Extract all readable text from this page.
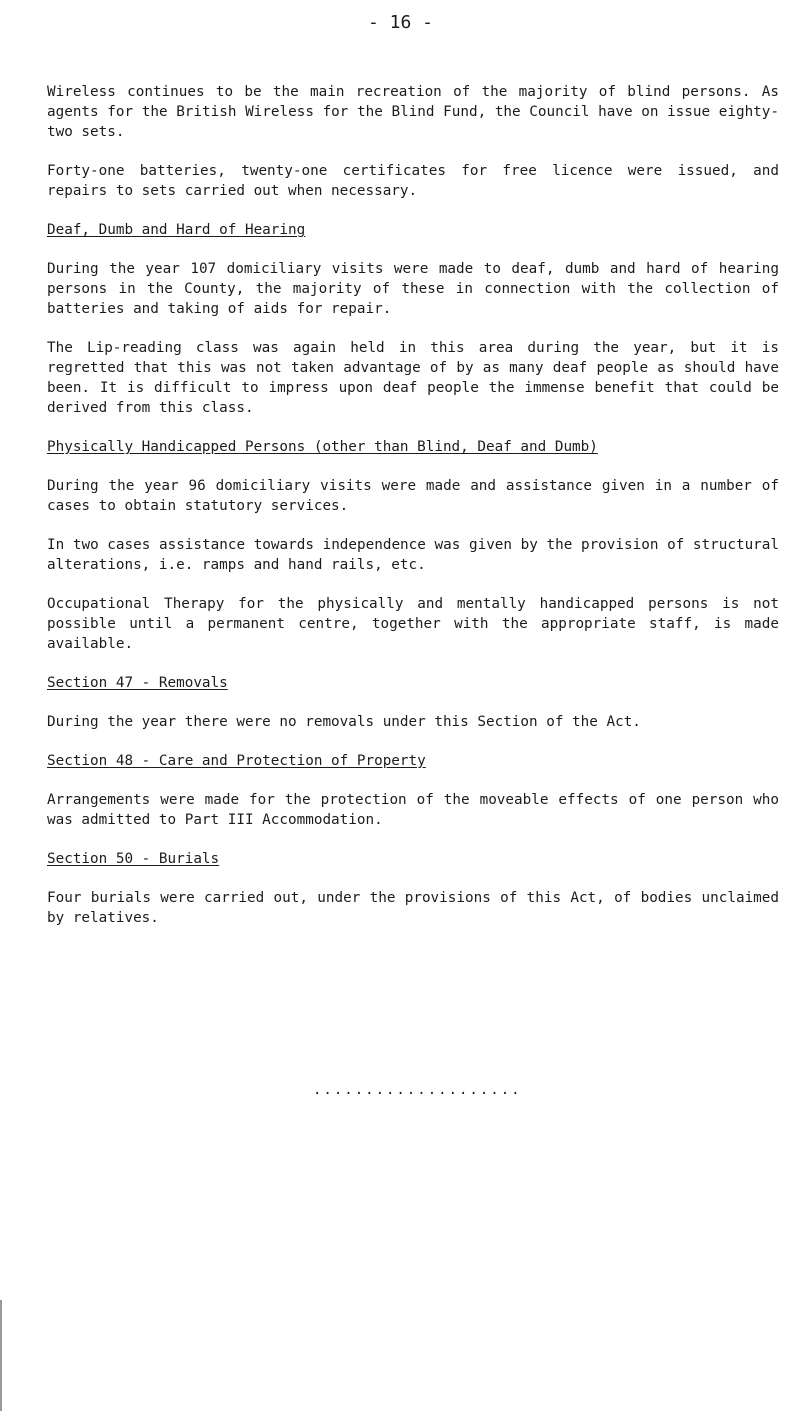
- 16 -

Wireless continues to be the main recreation of the majority of blind persons. As agents for the British Wireless for the Blind Fund, the Council have on issue eighty-two sets.

Forty-one batteries, twenty-one certificates for free licence were issued, and repairs to sets carried out when necessary.

Deaf, Dumb and Hard of Hearing

During the year 107 domiciliary visits were made to deaf, dumb and hard of hearing persons in the County, the majority of these in connection with the collection of batteries and taking of aids for repair.

The Lip-reading class was again held in this area during the year, but it is regretted that this was not taken advantage of by as many deaf people as should have been. It is difficult to impress upon deaf people the immense benefit that could be derived from this class.

Physically Handicapped Persons (other than Blind, Deaf and Dumb)

During the year 96 domiciliary visits were made and assistance given in a number of cases to obtain statutory services.

In two cases assistance towards independence was given by the provision of structural alterations, i.e. ramps and hand rails, etc.

Occupational Therapy for the physically and mentally handicapped persons is not possible until a permanent centre, together with the appropriate staff, is made available.

Section 47 - Removals

During the year there were no removals under this Section of the Act.

Section 48 - Care and Protection of Property

Arrangements were made for the protection of the moveable effects of one person who was admitted to Part III Accommodation.

Section 50 - Burials

Four burials were carried out, under the provisions of this Act, of bodies unclaimed by relatives.

....................
